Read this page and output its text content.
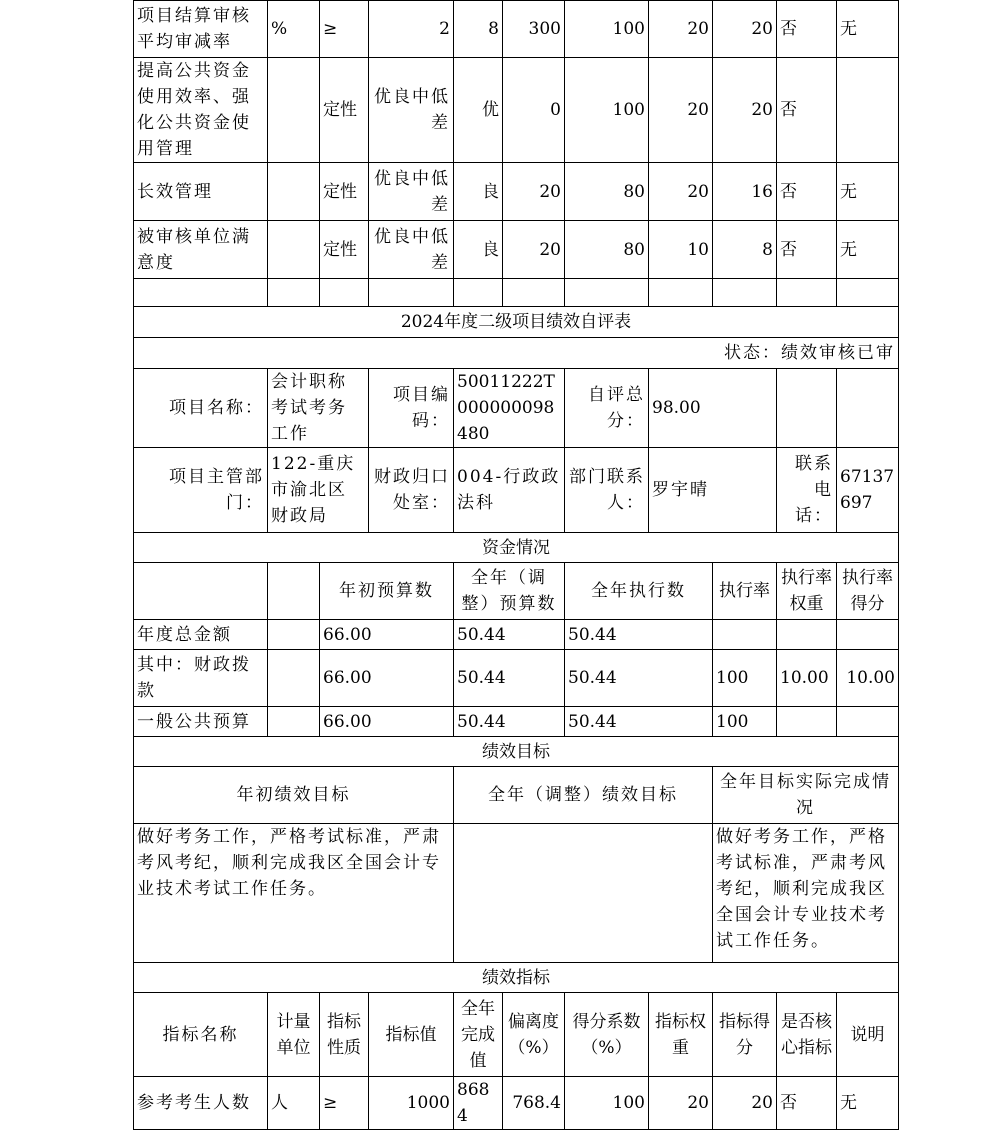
项目结算审核平均审减率	%	≥	2	8	300	100	20	20	否	无
提高公共资金使用效率、强化公共资金使用管理		定性	优良中低差	优	0	100	20	20	否	
长效管理		定性	优良中低差	良	20	80	20	16	否	无
被审核单位满意度		定性	优良中低差	良	20	80	10	8	否	无

2024年度二级项目绩效自评表										
状态：绩效审核已审										
项目名称：	会计职称考试考务工作		项目编码：	50011222T000000098480		自评总分：	98.00			
项目主管部门：	122-重庆市渝北区财政局		财政归口处室：	004-行政政法科		部门联系人：	罗宇晴		联系电话：	67137697
资金情况										
		年初预算数		全年（调整）预算数		全年执行数		执行率	执行率权重	执行率得分
年度总金额		66.00		50.44		50.44				
其中：财政拨款		66.00		50.44		50.44		100	10.00	10.00
一般公共预算		66.00		50.44		50.44		100		
绩效目标										
年初绩效目标				全年（调整）绩效目标				全年目标实际完成情况		
做好考务工作，严格考试标准，严肃考风考纪，顺利完成我区全国会计专业技术考试工作任务。								做好考务工作，严格考试标准，严肃考风考纪，顺利完成我区全国会计专业技术考试工作任务。		
绩效指标										
指标名称	计量单位	指标性质	指标值	全年完成值	偏离度（%）	得分系数（%）	指标权重	指标得分	是否核心指标	说明
参考考生人数	人	≥	1000	8684	768.4	100	20	20	否	无
